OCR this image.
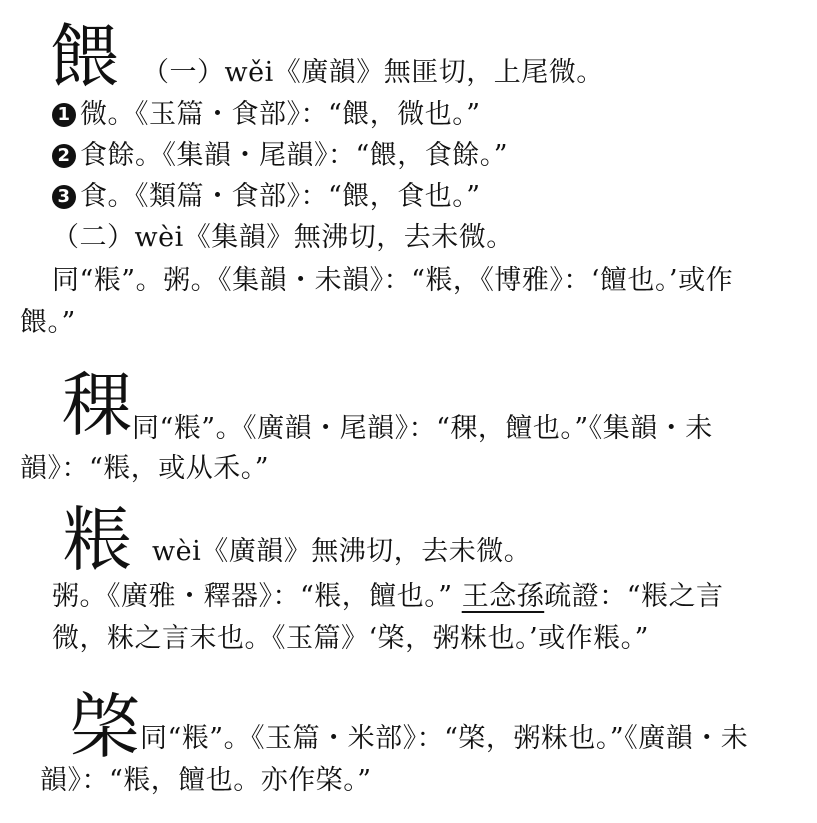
餵 （一）wěi《廣韻》無匪切，上尾微。
1 微。《玉篇・食部》：“餵，微也。”
2 食餘。《集韻・尾韻》：“餵，食餘。”
3 食。《類篇・食部》：“餵，食也。”
（二）wèi《集韻》無沸切，去未微。
同“粻”。粥。《集韻・未韻》：“粻，《博雅》：‘饘也。’或作
餵。”
稞 同“粻”。《廣韻・尾韻》：“稞，饘也。”《集韻・未
韻》：“粻，或从禾。”
粻 wèi《廣韻》無沸切，去未微。
粥。《廣雅・釋器》：“粻，饘也。” 王念孫疏證：“粻之言
微，粖之言末也。《玉篇》‘棨，粥粖也。’或作粻。”
棨 同“粻”。《玉篇・米部》：“棨，粥粖也。”《廣韻・未
韻》：“粻，饘也。亦作棨。”
